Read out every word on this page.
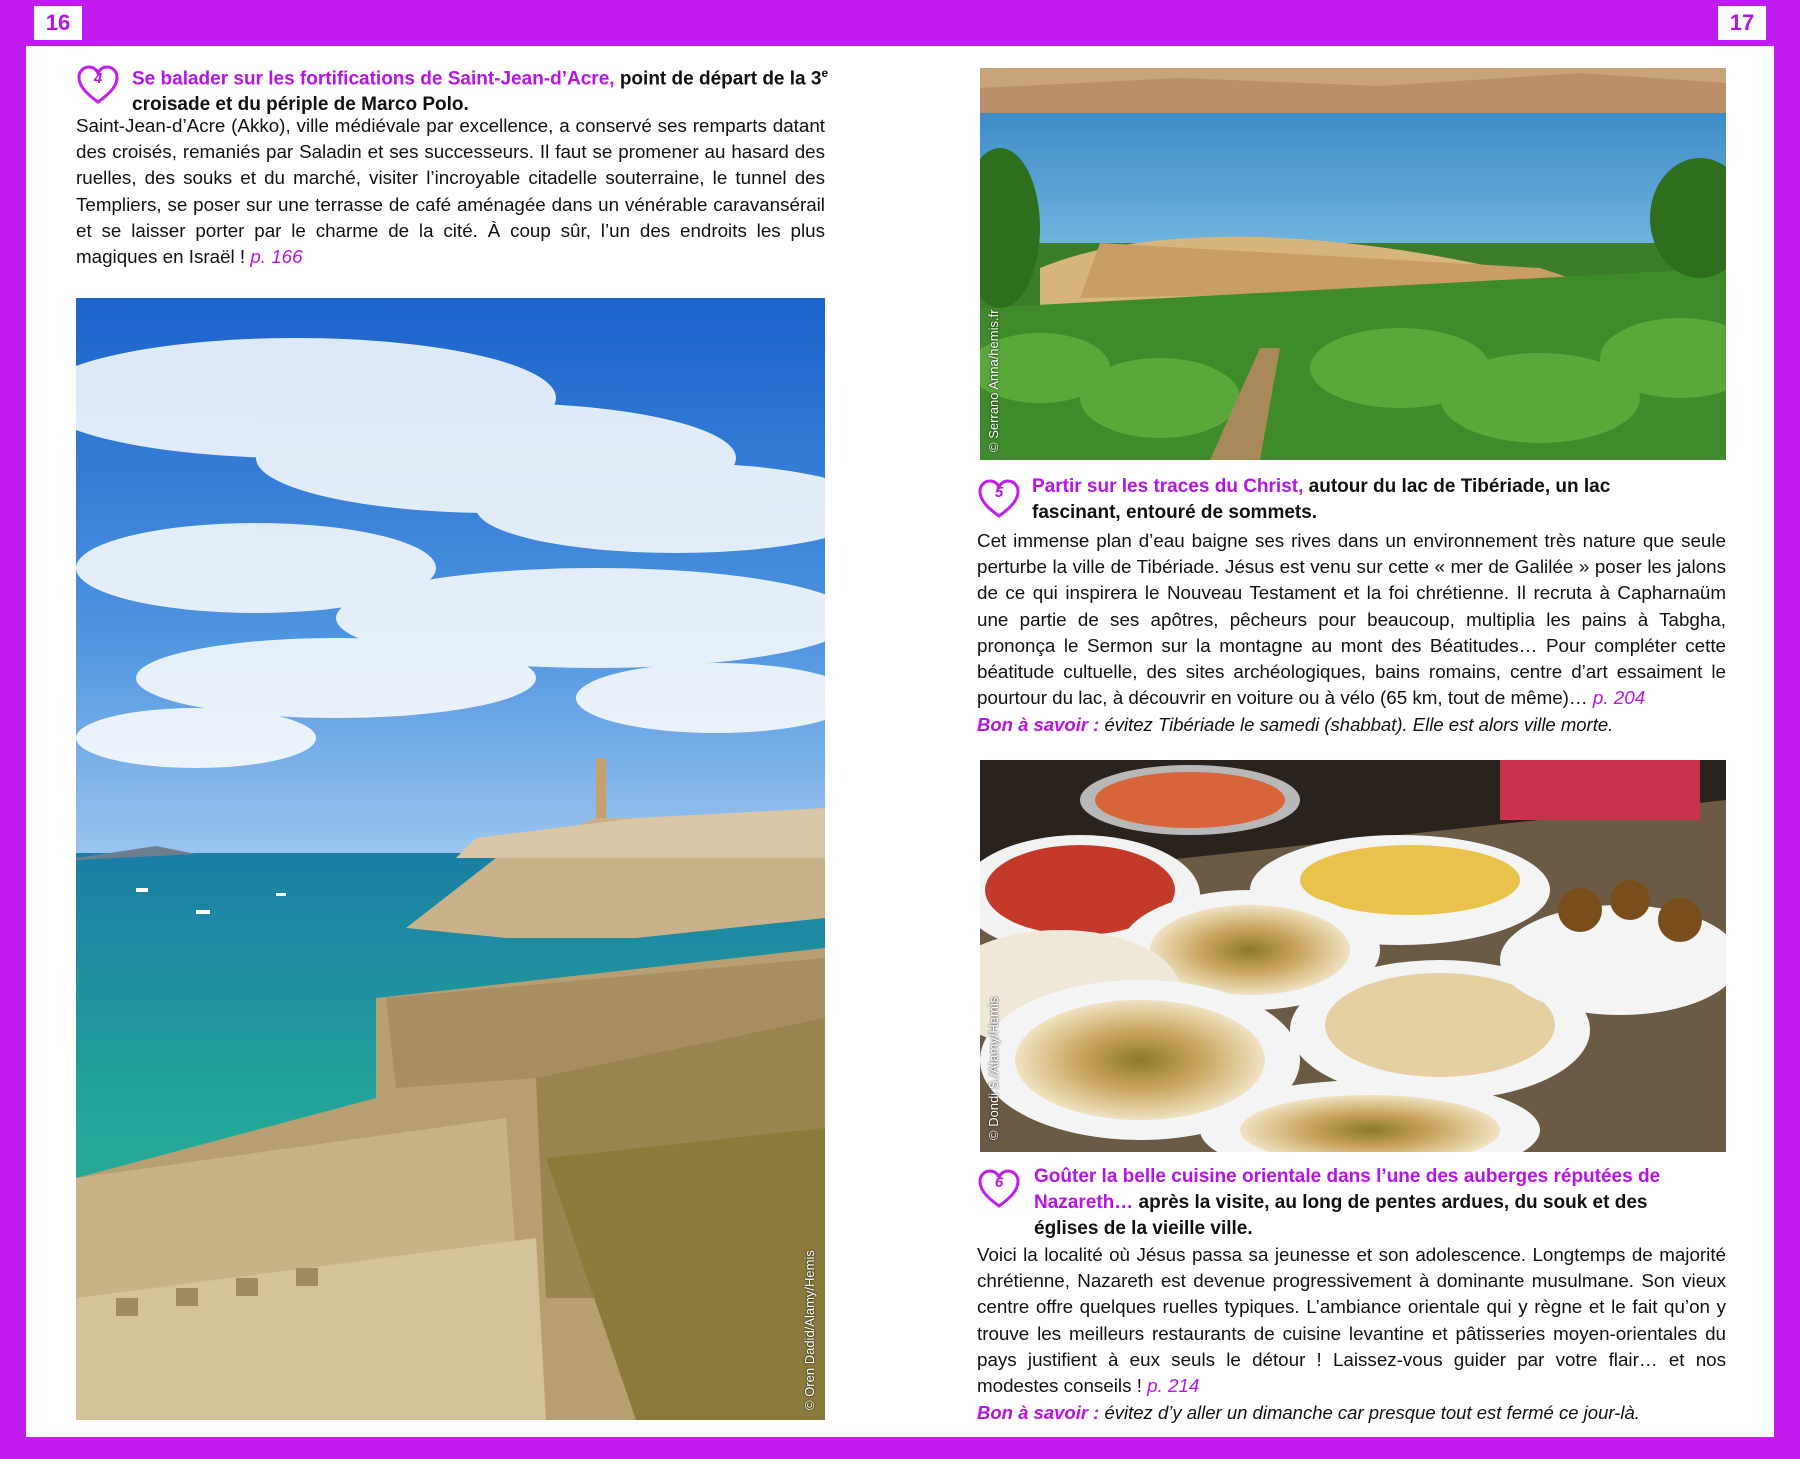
16	NOS COUPS DE CŒUR	NOS COUPS DE CŒUR	17
4	Se balader sur les fortifications de Saint-Jean-d’Acre, point de départ de la 3e croisade et du périple de Marco Polo.
Saint-Jean-d’Acre (Akko), ville médiévale par excellence, a conservé ses remparts datant des croisés, remaniés par Saladin et ses successeurs. Il faut se promener au hasard des ruelles, des souks et du marché, visiter l’incroyable citadelle souterraine, le tunnel des Templiers, se poser sur une terrasse de café aménagée dans un vénérable caravansérail et se laisser porter par le charme de la cité. À coup sûr, l’un des endroits les plus magiques en Israël ! p. 166
© Oren Dadid/Alamy/Hemis
© Serrano Anna/hemis.fr
5	Partir sur les traces du Christ, autour du lac de Tibériade, un lac fascinant, entouré de sommets.
Cet immense plan d’eau baigne ses rives dans un environnement très nature que seule perturbe la ville de Tibériade. Jésus est venu sur cette « mer de Galilée » poser les jalons de ce qui inspirera le Nouveau Testament et la foi chrétienne. Il recruta à Capharnaüm une partie de ses apôtres, pêcheurs pour beaucoup, multiplia les pains à Tabgha, prononça le Sermon sur la montagne au mont des Béatitudes… Pour compléter cette béatitude cultuelle, des sites archéologiques, bains romains, centre d’art essaiment le pourtour du lac, à découvrir en voiture ou à vélo (65 km, tout de même)… p. 204
Bon à savoir : évitez Tibériade le samedi (shabbat). Elle est alors ville morte.
© Dondi S./Alamy/Hemis
6	Goûter la belle cuisine orientale dans l’une des auberges réputées de Nazareth… après la visite, au long de pentes ardues, du souk et des églises de la vieille ville.
Voici la localité où Jésus passa sa jeunesse et son adolescence. Longtemps de majorité chrétienne, Nazareth est devenue progressivement à dominante musulmane. Son vieux centre offre quelques ruelles typiques. L’ambiance orientale qui y règne et le fait qu’on y trouve les meilleurs restaurants de cuisine levantine et pâtisseries moyen-orientales du pays justifient à eux seuls le détour ! Laissez-vous guider par votre flair… et nos modestes conseils ! p. 214
Bon à savoir : évitez d’y aller un dimanche car presque tout est fermé ce jour-là.
